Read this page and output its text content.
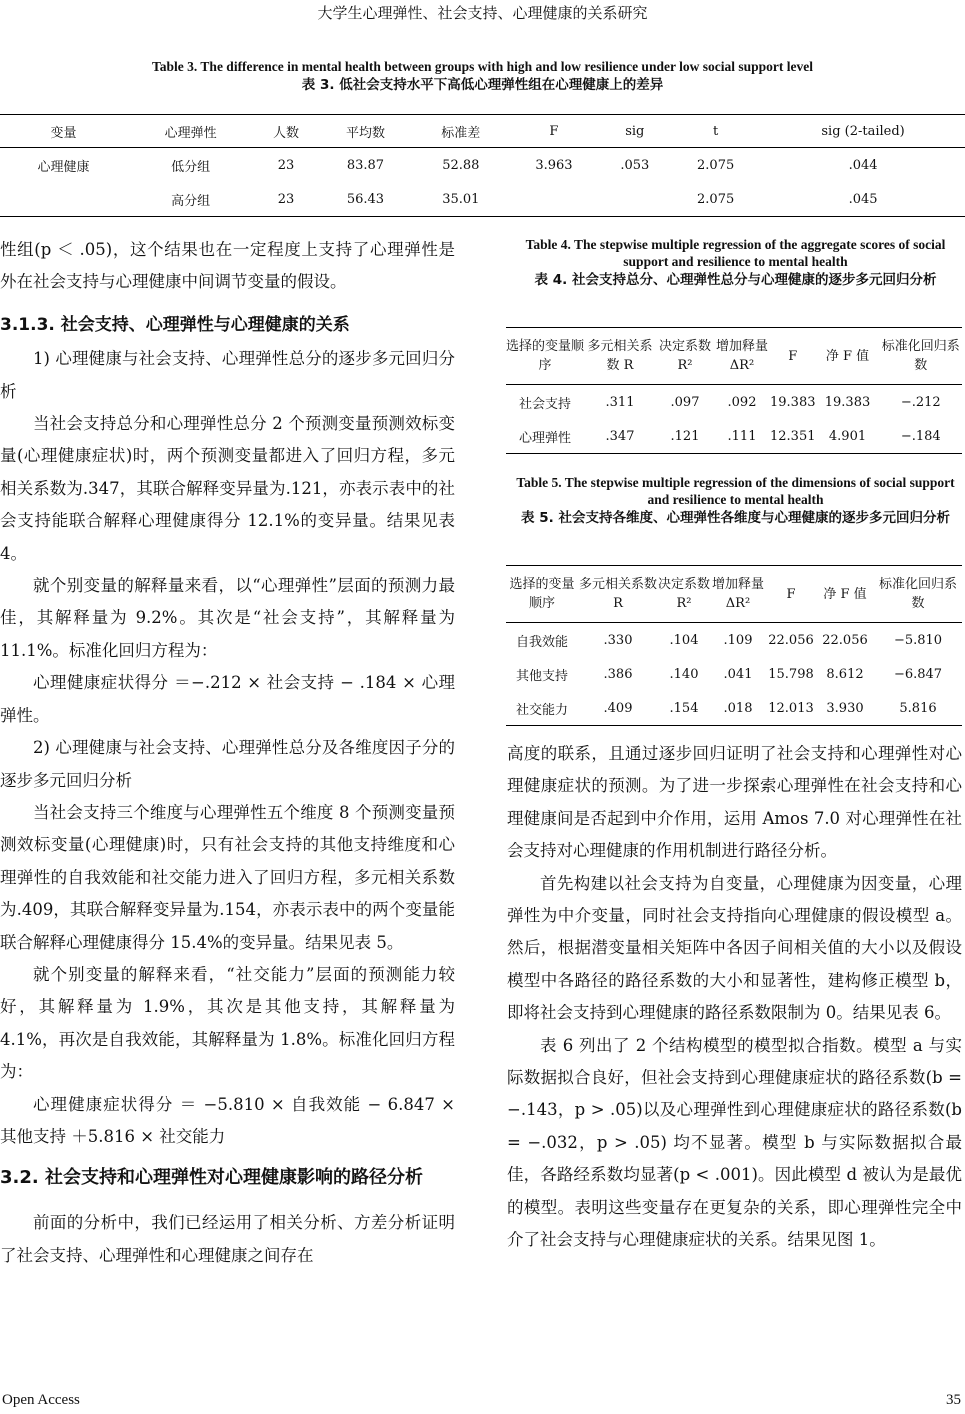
大学生心理弹性、社会支持、心理健康的关系研究
Table 3. The difference in mental health between groups with high and low resilience under low social support level
表 3. 低社会支持水平下高低心理弹性组在心理健康上的差异
变量	心理弹性	人数	平均数	标准差	F	sig	t	sig (2-tailed)
心理健康	低分组	23	83.87	52.88	3.963	.053	2.075	.044
	高分组	23	56.43	35.01			2.075	.045

性组(p ＜ .05)，这个结果也在一定程度上支持了心理弹性是外在社会支持与心理健康中间调节变量的假设。

3.1.3. 社会支持、心理弹性与心理健康的关系

1) 心理健康与社会支持、心理弹性总分的逐步多元回归分析

当社会支持总分和心理弹性总分 2 个预测变量预测效标变量(心理健康症状)时，两个预测变量都进入了回归方程，多元相关系数为.347，其联合解释变异量为.121，亦表示表中的社会支持能联合解释心理健康得分 12.1%的变异量。结果见表 4。

就个别变量的解释量来看，以“心理弹性”层面的预测力最佳，其解释量为 9.2%。其次是“社会支持”，其解释量为 11.1%。标准化回归方程为：

心理健康症状得分 ＝−.212 × 社会支持 − .184 × 心理弹性。

2) 心理健康与社会支持、心理弹性总分及各维度因子分的逐步多元回归分析

当社会支持三个维度与心理弹性五个维度 8 个预测变量预测效标变量(心理健康)时，只有社会支持的其他支持维度和心理弹性的自我效能和社交能力进入了回归方程，多元相关系数为.409，其联合解释变异量为.154，亦表示表中的两个变量能联合解释心理健康得分 15.4%的变异量。结果见表 5。

就个别变量的解释来看，“社交能力”层面的预测能力较好，其解释量为 1.9%，其次是其他支持，其解释量为 4.1%，再次是自我效能，其解释量为 1.8%。标准化回归方程为：

心理健康症状得分 ＝ −5.810 × 自我效能 − 6.847 × 其他支持 ＋5.816 × 社交能力

3.2. 社会支持和心理弹性对心理健康影响的路径分析

前面的分析中，我们已经运用了相关分析、方差分析证明了社会支持、心理弹性和心理健康之间存在

Table 4. The stepwise multiple regression of the aggregate scores of social support and resilience to mental health
表 4. 社会支持总分、心理弹性总分与心理健康的逐步多元回归分析
选择的变量顺序	多元相关系数 R	决定系数 R²	增加释量 ΔR²	F	净 F 值	标准化回归系数
社会支持	.311	.097	.092	19.383	19.383	−.212
心理弹性	.347	.121	.111	12.351	4.901	−.184
Table 5. The stepwise multiple regression of the dimensions of social support and resilience to mental health
表 5. 社会支持各维度、心理弹性各维度与心理健康的逐步多元回归分析
选择的变量顺序	多元相关系数 R	决定系数 R²	增加释量 ΔR²	F	净 F 值	标准化回归系数
自我效能	.330	.104	.109	22.056	22.056	−5.810
其他支持	.386	.140	.041	15.798	8.612	−6.847
社交能力	.409	.154	.018	12.013	3.930	5.816

高度的联系，且通过逐步回归证明了社会支持和心理弹性对心理健康症状的预测。为了进一步探索心理弹性在社会支持和心理健康间是否起到中介作用，运用 Amos 7.0 对心理弹性在社会支持对心理健康的作用机制进行路径分析。

首先构建以社会支持为自变量，心理健康为因变量，心理弹性为中介变量，同时社会支持指向心理健康的假设模型 a。然后，根据潜变量相关矩阵中各因子间相关值的大小以及假设模型中各路径的路径系数的大小和显著性，建构修正模型 b，即将社会支持到心理健康的路径系数限制为 0。结果见表 6。

表 6 列出了 2 个结构模型的模型拟合指数。模型 a 与实际数据拟合良好，但社会支持到心理健康症状的路径系数(b = −.143，p > .05)以及心理弹性到心理健康症状的路径系数(b = −.032，p > .05) 均不显著。模型 b 与实际数据拟合最佳，各路经系数均显著(p < .001)。因此模型 d 被认为是最优的模型。表明这些变量存在更复杂的关系，即心理弹性完全中介了社会支持与心理健康症状的关系。结果见图 1。

Open Access	35
